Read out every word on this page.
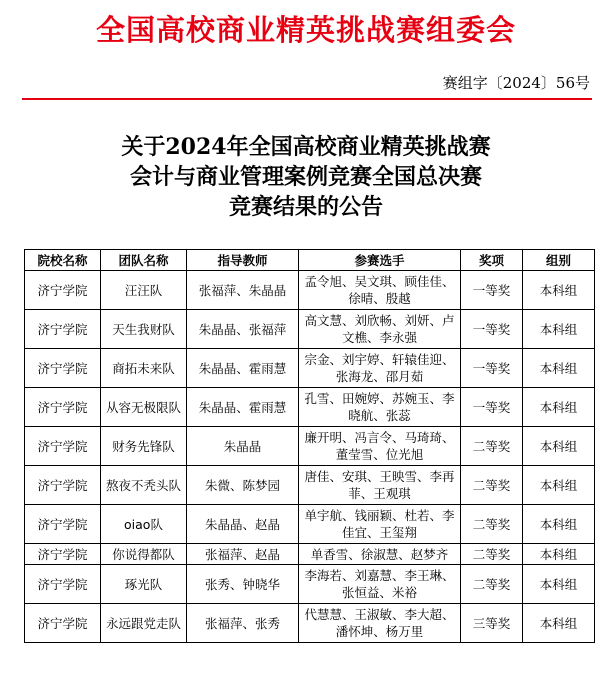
全国高校商业精英挑战赛组委会
赛组字〔2024〕56号
关于2024年全国高校商业精英挑战赛
会计与商业管理案例竞赛全国总决赛
竞赛结果的公告
院校名称	团队名称	指导教师	参赛选手	奖项	组别
济宁学院	汪汪队	张福萍、朱晶晶	孟令旭、吴文琪、顾佳佳、徐晴、殷越	一等奖	本科组
济宁学院	天生我财队	朱晶晶、张福萍	高文慧、刘欣畅、刘妍、卢文樵、李永强	一等奖	本科组
济宁学院	商拓未来队	朱晶晶、霍雨慧	宗金、刘宇婷、轩辕佳迎、张海龙、邵月茹	一等奖	本科组
济宁学院	从容无极限队	朱晶晶、霍雨慧	孔雪、田婉婷、苏婉玉、李晓航、张蕊	一等奖	本科组
济宁学院	财务先锋队	朱晶晶	廉开明、冯言令、马琦琦、董莹雪、位光旭	二等奖	本科组
济宁学院	熬夜不秃头队	朱微、陈梦园	唐佳、安琪、王映雪、李再菲、王观琪	二等奖	本科组
济宁学院	oiao队	朱晶晶、赵晶	单宇航、钱丽颖、杜若、李佳宜、王玺翔	二等奖	本科组
济宁学院	你说得都队	张福萍、赵晶	单香雪、徐淑慧、赵梦齐	二等奖	本科组
济宁学院	琢光队	张秀、钟晓华	李海若、刘嘉慧、李王琳、张恒益、米裕	二等奖	本科组
济宁学院	永远跟党走队	张福萍、张秀	代慧慧、王淑敏、李大超、潘怀坤、杨万里	三等奖	本科组
